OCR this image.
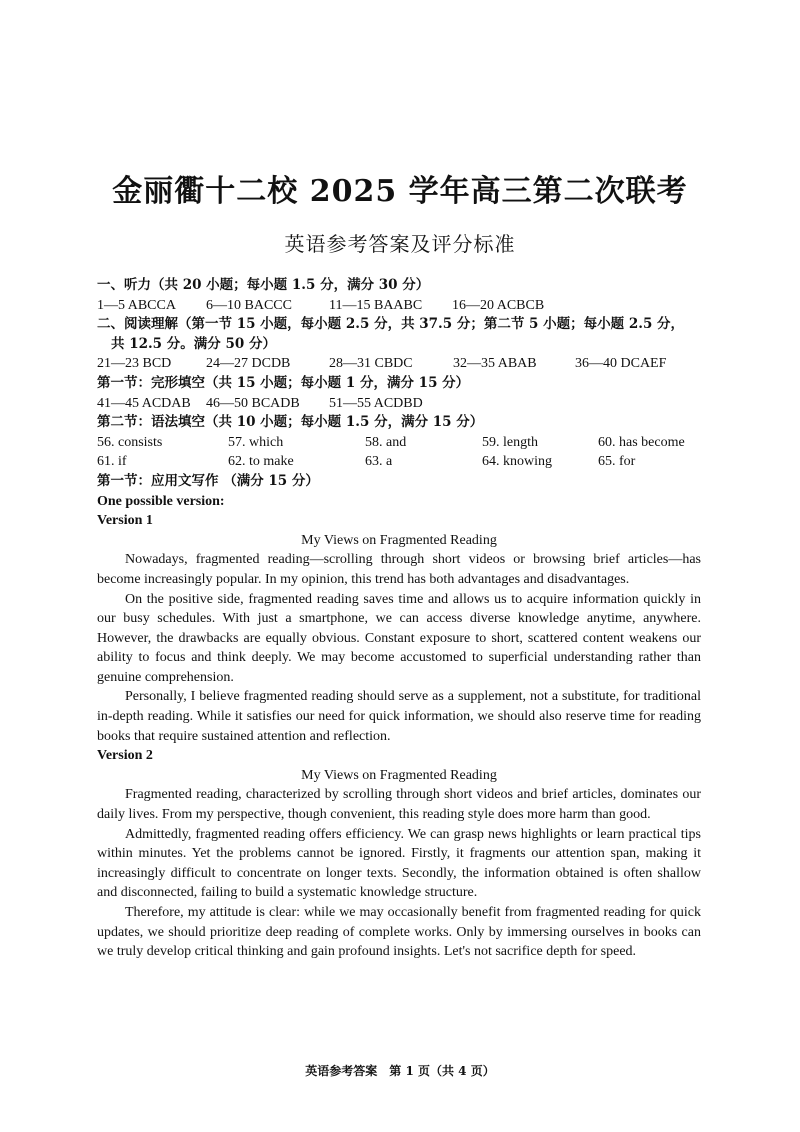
金丽衢十二校 2025 学年高三第二次联考
英语参考答案及评分标准
一、听力（共 20 小题；每小题 1.5 分，满分 30 分）
1—5 ABCCA	6—10 BACCC	11—15 BAABC	16—20 ACBCB
二、阅读理解（第一节 15 小题，每小题 2.5 分，共 37.5 分；第二节 5 小题；每小题 2.5 分，
共 12.5 分。满分 50 分）
21—23 BCD	24—27 DCDB	28—31 CBDC	32—35 ABAB	36—40 DCAEF
第一节：完形填空（共 15 小题；每小题 1 分，满分 15 分）
41—45 ACDAB	46—50 BCADB	51—55 ACDBD
第二节：语法填空（共 10 小题；每小题 1.5 分，满分 15 分）
56. consists	57. which	58. and	59. length	60. has become
61. if	62. to make	63. a	64. knowing	65. for
第一节：应用文写作 （满分 15 分）
One possible version:
Version 1
My Views on Fragmented Reading
Nowadays, fragmented reading—scrolling through short videos or browsing brief articles—has become increasingly popular. In my opinion, this trend has both advantages and disadvantages.
On the positive side, fragmented reading saves time and allows us to acquire information quickly in our busy schedules. With just a smartphone, we can access diverse knowledge anytime, anywhere. However, the drawbacks are equally obvious. Constant exposure to short, scattered content weakens our ability to focus and think deeply. We may become accustomed to superficial understanding rather than genuine comprehension.
Personally, I believe fragmented reading should serve as a supplement, not a substitute, for traditional in-depth reading. While it satisfies our need for quick information, we should also reserve time for reading books that require sustained attention and reflection.
Version 2
My Views on Fragmented Reading
Fragmented reading, characterized by scrolling through short videos and brief articles, dominates our daily lives. From my perspective, though convenient, this reading style does more harm than good.
Admittedly, fragmented reading offers efficiency. We can grasp news highlights or learn practical tips within minutes. Yet the problems cannot be ignored. Firstly, it fragments our attention span, making it increasingly difficult to concentrate on longer texts. Secondly, the information obtained is often shallow and disconnected, failing to build a systematic knowledge structure.
Therefore, my attitude is clear: while we may occasionally benefit from fragmented reading for quick updates, we should prioritize deep reading of complete works. Only by immersing ourselves in books can we truly develop critical thinking and gain profound insights. Let's not sacrifice depth for speed.
英语参考答案　第 1 页（共 4 页）
